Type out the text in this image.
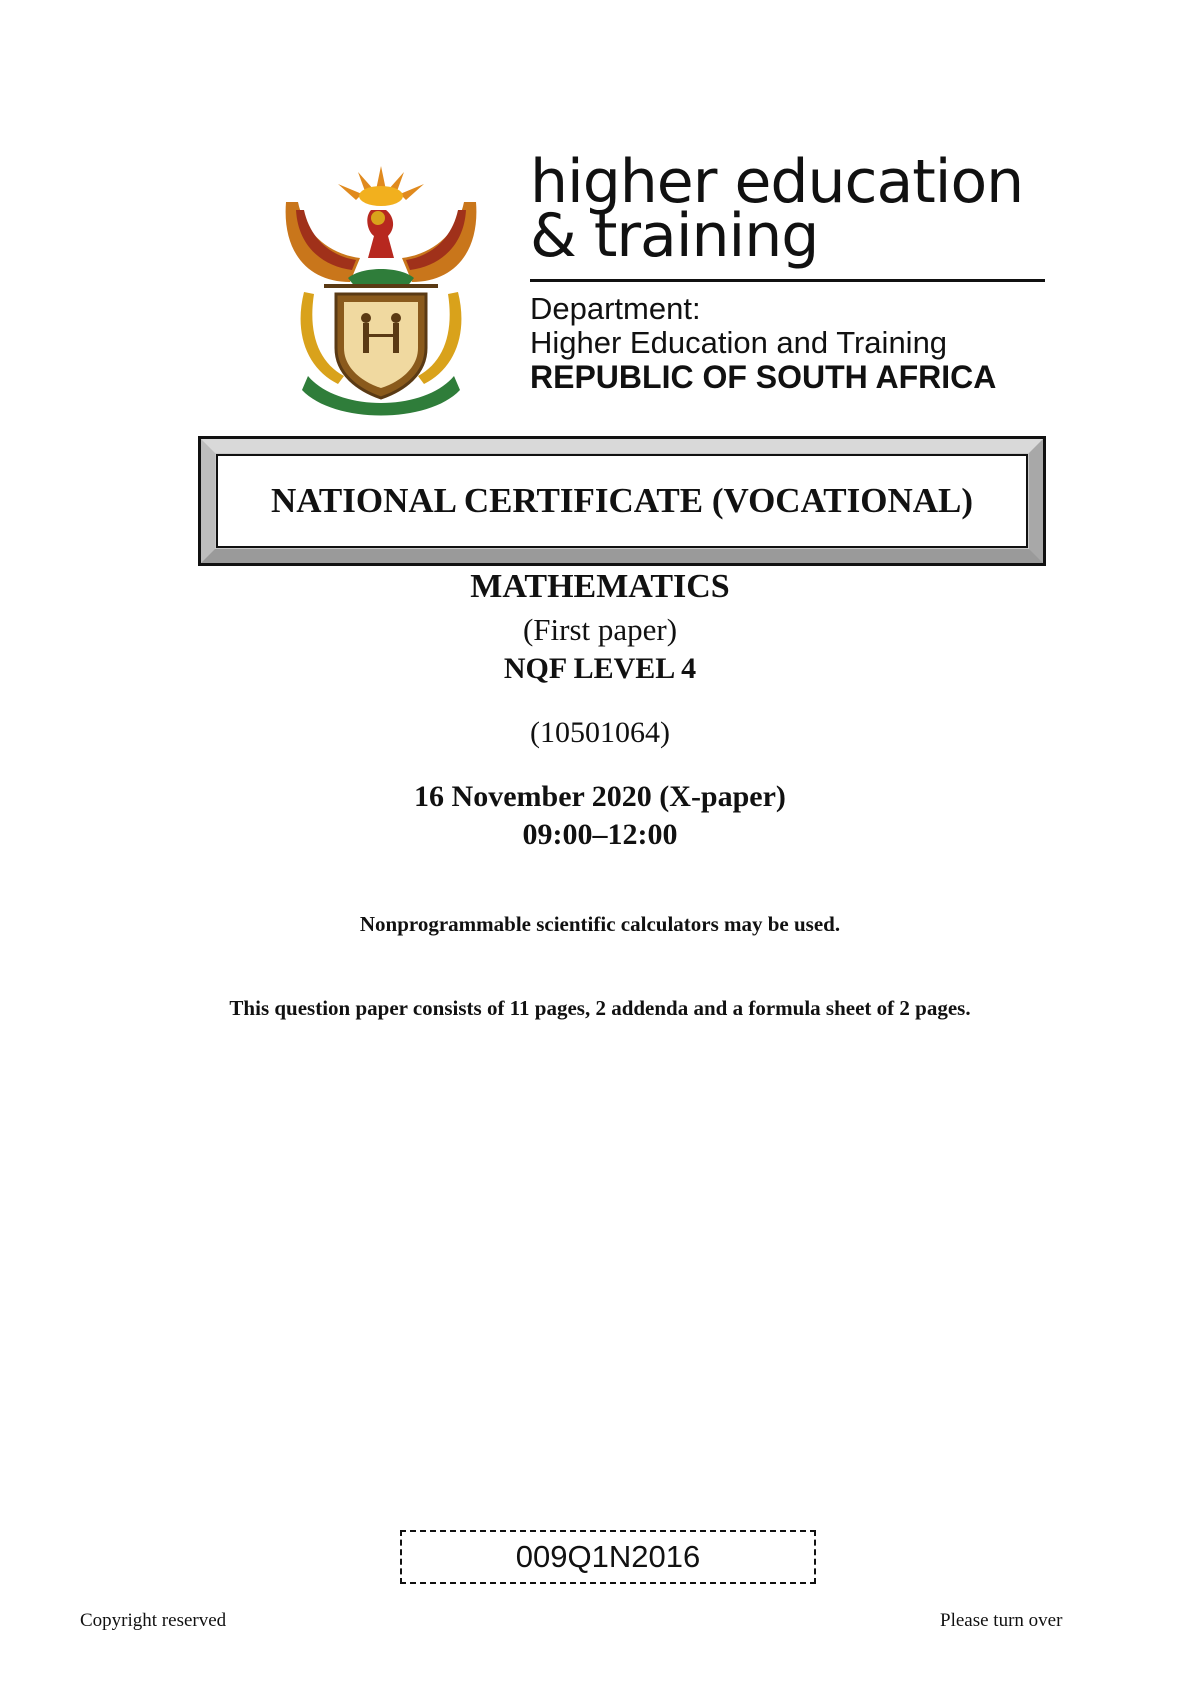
higher education
& training
Department:
Higher Education and Training
REPUBLIC OF SOUTH AFRICA
NATIONAL CERTIFICATE (VOCATIONAL)
MATHEMATICS
(First paper)
NQF LEVEL 4
(10501064)
16 November 2020 (X-paper)
09:00–12:00
Nonprogrammable scientific calculators may be used.
This question paper consists of 11 pages, 2 addenda and a formula sheet of 2 pages.
009Q1N2016
Copyright reserved	Please turn over
